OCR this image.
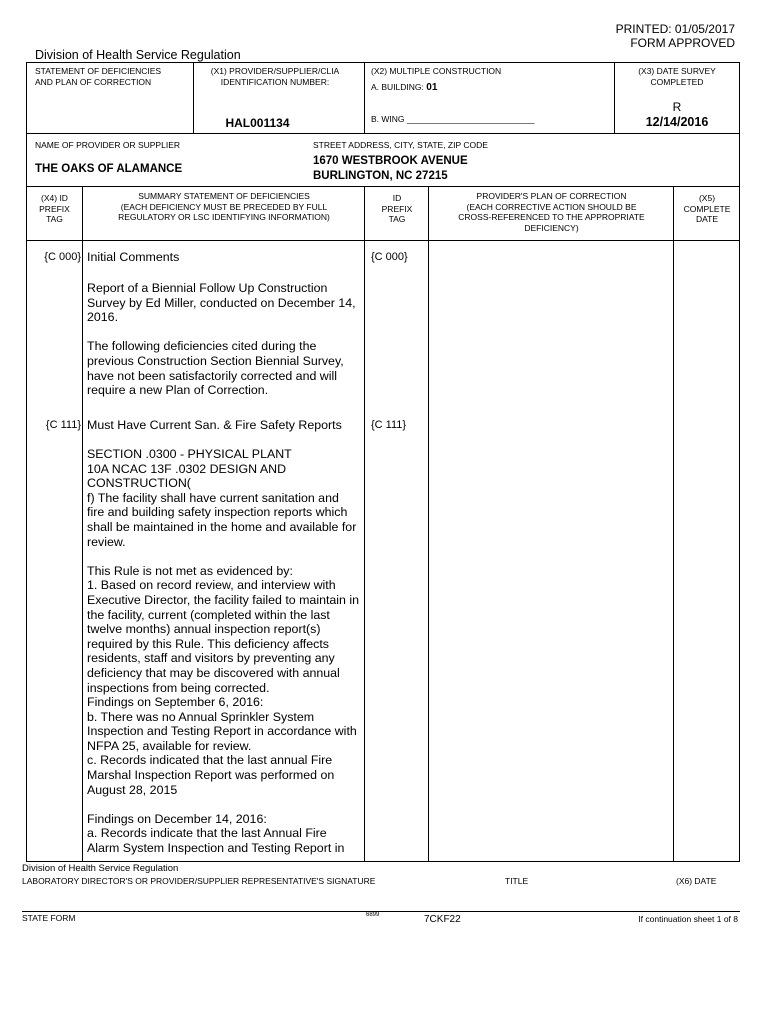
PRINTED: 01/05/2017
FORM APPROVED
Division of Health Service Regulation
STATEMENT OF DEFICIENCIES
AND PLAN OF CORRECTION
(X1) PROVIDER/SUPPLIER/CLIA
IDENTIFICATION NUMBER:
HAL001134
(X2) MULTIPLE CONSTRUCTION
A. BUILDING: 01
B. WING ___________________________
(X3) DATE SURVEY
COMPLETED
R
12/14/2016
NAME OF PROVIDER OR SUPPLIER
THE OAKS OF ALAMANCE
STREET ADDRESS, CITY, STATE, ZIP CODE
1670 WESTBROOK AVENUE
BURLINGTON, NC 27215
(X4) ID
PREFIX
TAG
SUMMARY STATEMENT OF DEFICIENCIES
(EACH DEFICIENCY MUST BE PRECEDED BY FULL
REGULATORY OR LSC IDENTIFYING INFORMATION)
ID
PREFIX
TAG
PROVIDER'S PLAN OF CORRECTION
(EACH CORRECTIVE ACTION SHOULD BE
CROSS-REFERENCED TO THE APPROPRIATE
DEFICIENCY)
(X5)
COMPLETE
DATE
{C 000} Initial Comments	{C 000}
Report of a Biennial Follow Up Construction
Survey by Ed Miller, conducted on December 14,
2016.

The following deficiencies cited during the
previous Construction Section Biennial Survey,
have not been satisfactorily corrected and will
require a new Plan of Correction.
{C 111} Must Have Current San. & Fire Safety Reports	{C 111}
SECTION .0300 - PHYSICAL PLANT
10A NCAC 13F .0302 DESIGN AND
CONSTRUCTION(
f) The facility shall have current sanitation and
fire and building safety inspection reports which
shall be maintained in the home and available for
review.

This Rule is not met as evidenced by:
1. Based on record review, and interview with
Executive Director, the facility failed to maintain in
the facility, current (completed within the last
twelve months) annual inspection report(s)
required by this Rule. This deficiency affects
residents, staff and visitors by preventing any
deficiency that may be discovered with annual
inspections from being corrected.
Findings on September 6, 2016:
b. There was no Annual Sprinkler System
Inspection and Testing Report in accordance with
NFPA 25, available for review.
c. Records indicated that the last annual Fire
Marshal Inspection Report was performed on
August 28, 2015

Findings on December 14, 2016:
a. Records indicate that the last Annual Fire
Alarm System Inspection and Testing Report in
Division of Health Service Regulation
LABORATORY DIRECTOR'S OR PROVIDER/SUPPLIER REPRESENTATIVE'S SIGNATURE	TITLE	(X6) DATE
STATE FORM	6899	7CKF22	If continuation sheet 1 of 8
